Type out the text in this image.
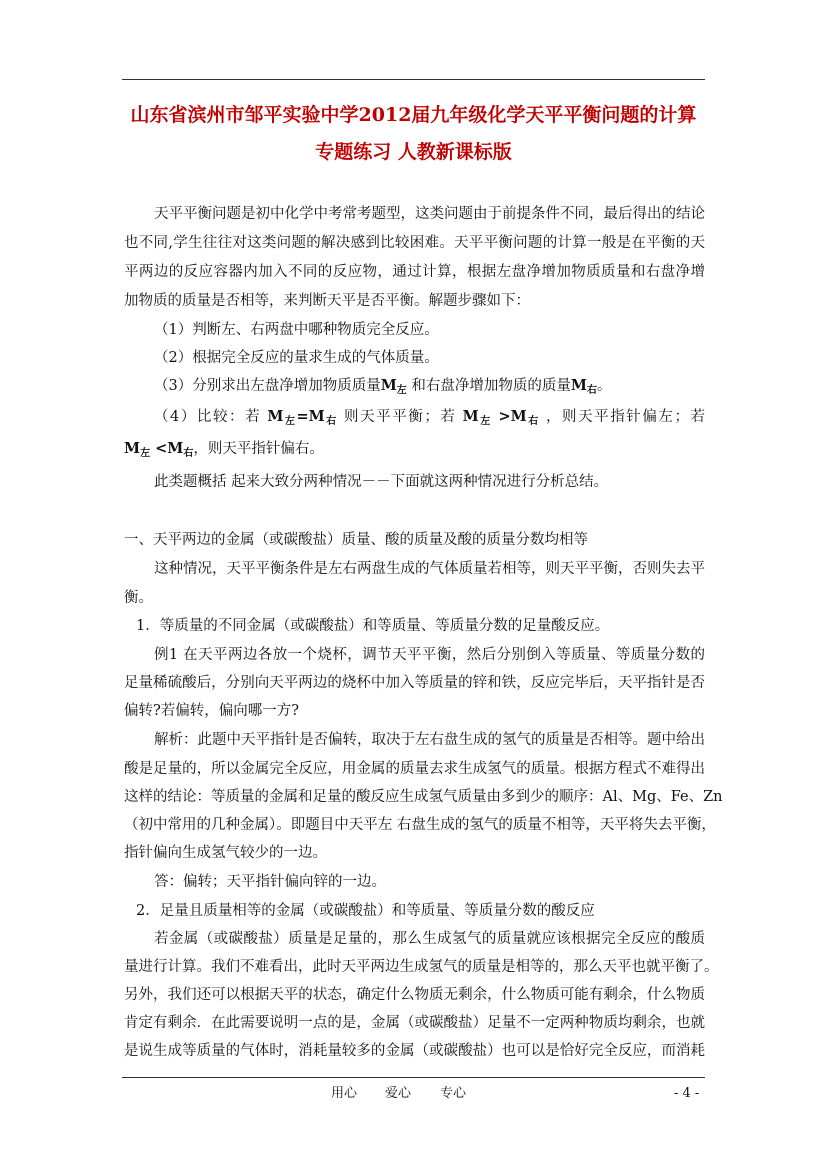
山东省滨州市邹平实验中学2012届九年级化学天平平衡问题的计算
专题练习 人教新课标版
天平平衡问题是初中化学中考常考题型，这类问题由于前提条件不同，最后得出的结论
也不同,学生往往对这类问题的解决感到比较困难。天平平衡问题的计算一般是在平衡的天
平两边的反应容器内加入不同的反应物，通过计算，根据左盘净增加物质质量和右盘净增
加物质的质量是否相等，来判断天平是否平衡。解题步骤如下：
（1）判断左、右两盘中哪种物质完全反应。
（2）根据完全反应的量求生成的气体质量。
（3）分别求出左盘净增加物质质量$M_左$ 和右盘净增加物质的质量$M_右$。
（4）比较：若 $M_左=M_右$ 则天平平衡；若 $M_左 >M_右$ ，则天平指针偏左；若
$M_左 <M_右$，则天平指针偏右。
此类题概括 起来大致分两种情况－－下面就这两种情况进行分析总结。
一、天平两边的金属（或碳酸盐）质量、酸的质量及酸的质量分数均相等
这种情况，天平平衡条件是左右两盘生成的气体质量若相等，则天平平衡，否则失去平
衡。
1．等质量的不同金属（或碳酸盐）和等质量、等质量分数的足量酸反应。
例1 在天平两边各放一个烧杯，调节天平平衡，然后分别倒入等质量、等质量分数的
足量稀硫酸后，分别向天平两边的烧杯中加入等质量的锌和铁，反应完毕后，天平指针是否
偏转?若偏转，偏向哪一方?
解析：此题中天平指针是否偏转，取决于左右盘生成的氢气的质量是否相等。题中给出
酸是足量的，所以金属完全反应，用金属的质量去求生成氢气的质量。根据方程式不难得出
这样的结论：等质量的金属和足量的酸反应生成氢气质量由多到少的顺序：Al、Mg、Fe、Zn
（初中常用的几种金属）。即题目中天平左 右盘生成的氢气的质量不相等，天平将失去平衡，
指针偏向生成氢气较少的一边。
答：偏转；天平指针偏向锌的一边。
2．足量且质量相等的金属（或碳酸盐）和等质量、等质量分数的酸反应
若金属（或碳酸盐）质量是足量的，那么生成氢气的质量就应该根据完全反应的酸质
量进行计算。我们不难看出，此时天平两边生成氢气的质量是相等的，那么天平也就平衡了。
另外，我们还可以根据天平的状态，确定什么物质无剩余，什么物质可能有剩余，什么物质
肯定有剩余．在此需要说明一点的是，金属（或碳酸盐）足量不一定两种物质均剩余，也就
是说生成等质量的气体时，消耗量较多的金属（或碳酸盐）也可以是恰好完全反应，而消耗
用心 爱心 专心	- 4 -
